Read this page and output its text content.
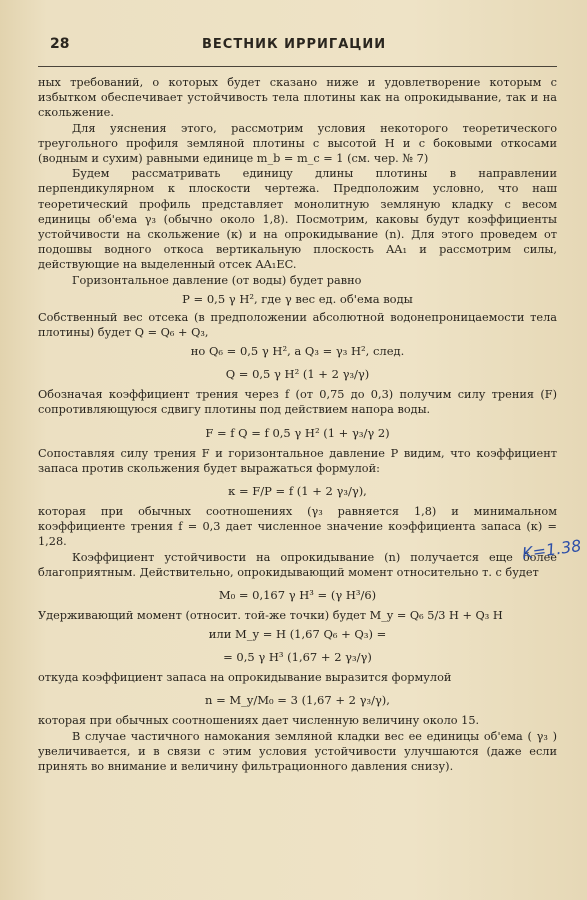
28	ВЕСТНИК ИРРИГАЦИИ

ных требований, о которых будет сказано ниже и удовлетворение которым с избытком обеспечивает устойчивость тела плотины как на опрокидывание, так и на скольжение.

Для уяснения этого, рассмотрим условия некоторого теоретического треугольного профиля земляной плотины с высотой H и с боковыми откосами (водным и сухим) равными единице m_b = m_c = 1 (см. чер. № 7)

Будем рассматривать единицу длины плотины в направлении перпендикулярном к плоскости чертежа. Предположим условно, что наш теоретический профиль представляет монолитную земляную кладку с весом единицы об'ема γ₃ (обычно около 1,8). Посмотрим, каковы будут коэффициенты устойчивости на скольжение (к) и на опрокидывание (n). Для этого проведем от подошвы водного откоса вертикальную плоскость AA₁ и рассмотрим силы, действующие на выделенный отсек AA₁EC.

Горизонтальное давление (от воды) будет равно

P = 0,5 γ H², где γ вес ед. об'ема воды

Собственный вес отсека (в предположении абсолютной водонепроницаемости тела плотины) будет Q = Q₆ + Q₃,

но Q₆ = 0,5 γ H², а Q₃ = γ₃ H², след.
Q = 0,5 γ H² (1 + 2 γ₃/γ)

Обозначая коэффициент трения через f (от 0,75 до 0,3) получим силу трения (F) сопротивляющуюся сдвигу плотины под действием напора воды.

F = f Q = f 0,5 γ H² (1 + γ₃/γ 2)

Сопоставляя силу трения F и горизонтальное давление P видим, что коэффициент запаса против скольжения будет выражаться формулой:

к = F/P = f (1 + 2 γ₃/γ),

которая при обычных соотношениях (γ₃ равняется 1,8) и минимальном коэффициенте трения f = 0,3 дает численное значение коэффициента запаса (к) = 1,28.

Коэффициент устойчивости на опрокидывание (n) получается еще более благоприятным. Действительно, опрокидывающий момент относительно т. с будет

M₀ = 0,167 γ H³ = (γ H³/6)

Удерживающий момент (относит. той-же точки) будет M_y = Q₆ 5/3 H + Q₃ H

или M_y = H (1,67 Q₆ + Q₃) =
= 0,5 γ H³ (1,67 + 2 γ₃/γ)

откуда коэффициент запаса на опрокидывание выразится формулой

n = M_y/M₀ = 3 (1,67 + 2 γ₃/γ),

которая при обычных соотношениях дает численную величину около 15.

В случае частичного намокания земляной кладки вес ее единицы об'ема ( γ₃ ) увеличивается, и в связи с этим условия устойчивости улучшаются (даже если принять во внимание и величину фильтрационного давления снизу).

K=1.38
